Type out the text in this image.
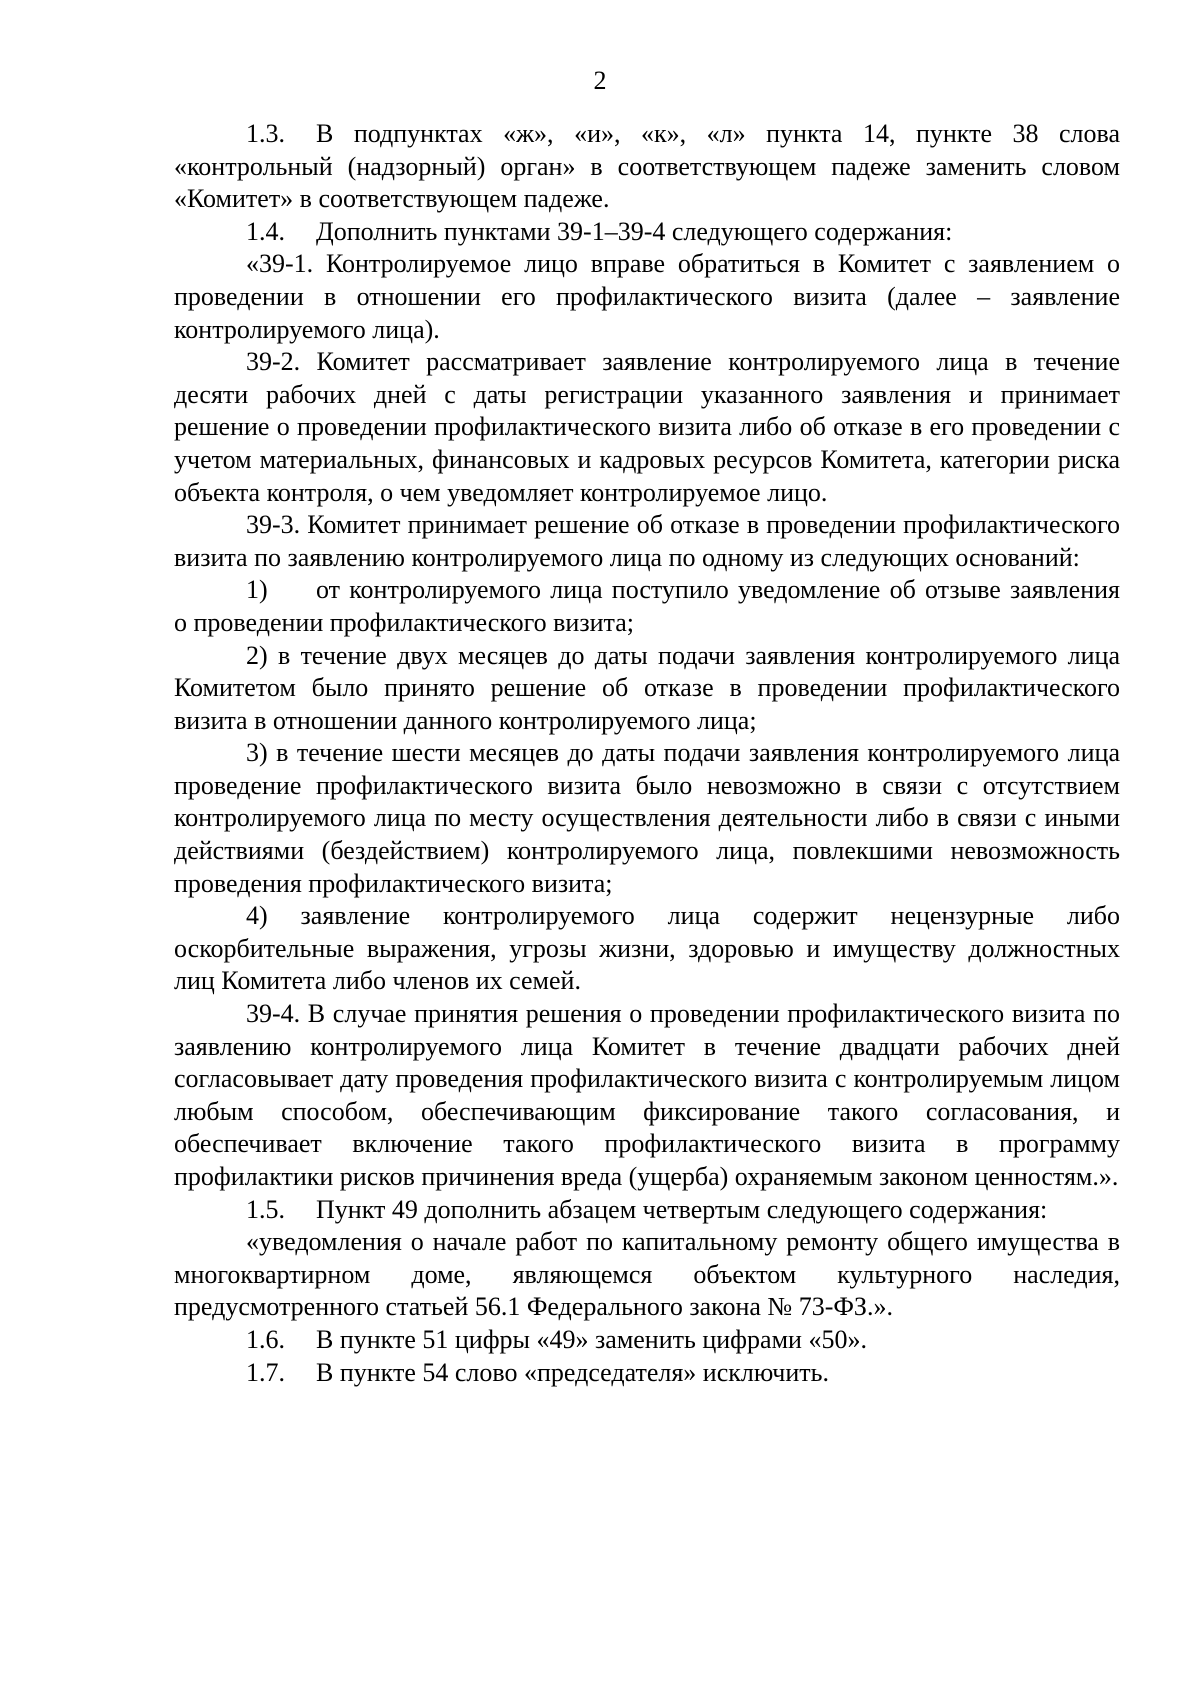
2

1.3. В подпунктах «ж», «и», «к», «л» пункта 14, пункте 38 слова «контрольный (надзорный) орган» в соответствующем падеже заменить словом «Комитет» в соответствующем падеже.

1.4. Дополнить пунктами 39-1–39-4 следующего содержания:

«39-1. Контролируемое лицо вправе обратиться в Комитет с заявлением о проведении в отношении его профилактического визита (далее – заявление контролируемого лица).

39-2. Комитет рассматривает заявление контролируемого лица в течение десяти рабочих дней с даты регистрации указанного заявления и принимает решение о проведении профилактического визита либо об отказе в его проведении с учетом материальных, финансовых и кадровых ресурсов Комитета, категории риска объекта контроля, о чем уведомляет контролируемое лицо.

39-3. Комитет принимает решение об отказе в проведении профилактического визита по заявлению контролируемого лица по одному из следующих оснований:

1) от контролируемого лица поступило уведомление об отзыве заявления о проведении профилактического визита;

2) в течение двух месяцев до даты подачи заявления контролируемого лица Комитетом было принято решение об отказе в проведении профилактического визита в отношении данного контролируемого лица;

3) в течение шести месяцев до даты подачи заявления контролируемого лица проведение профилактического визита было невозможно в связи с отсутствием контролируемого лица по месту осуществления деятельности либо в связи с иными действиями (бездействием) контролируемого лица, повлекшими невозможность проведения профилактического визита;

4) заявление контролируемого лица содержит нецензурные либо оскорбительные выражения, угрозы жизни, здоровью и имуществу должностных лиц Комитета либо членов их семей.

39-4. В случае принятия решения о проведении профилактического визита по заявлению контролируемого лица Комитет в течение двадцати рабочих дней согласовывает дату проведения профилактического визита с контролируемым лицом любым способом, обеспечивающим фиксирование такого согласования, и обеспечивает включение такого профилактического визита в программу профилактики рисков причинения вреда (ущерба) охраняемым законом ценностям.».

1.5. Пункт 49 дополнить абзацем четвертым следующего содержания:

«уведомления о начале работ по капитальному ремонту общего имущества в многоквартирном доме, являющемся объектом культурного наследия, предусмотренного статьей 56.1 Федерального закона № 73-ФЗ.».

1.6. В пункте 51 цифры «49» заменить цифрами «50».

1.7. В пункте 54 слово «председателя» исключить.
